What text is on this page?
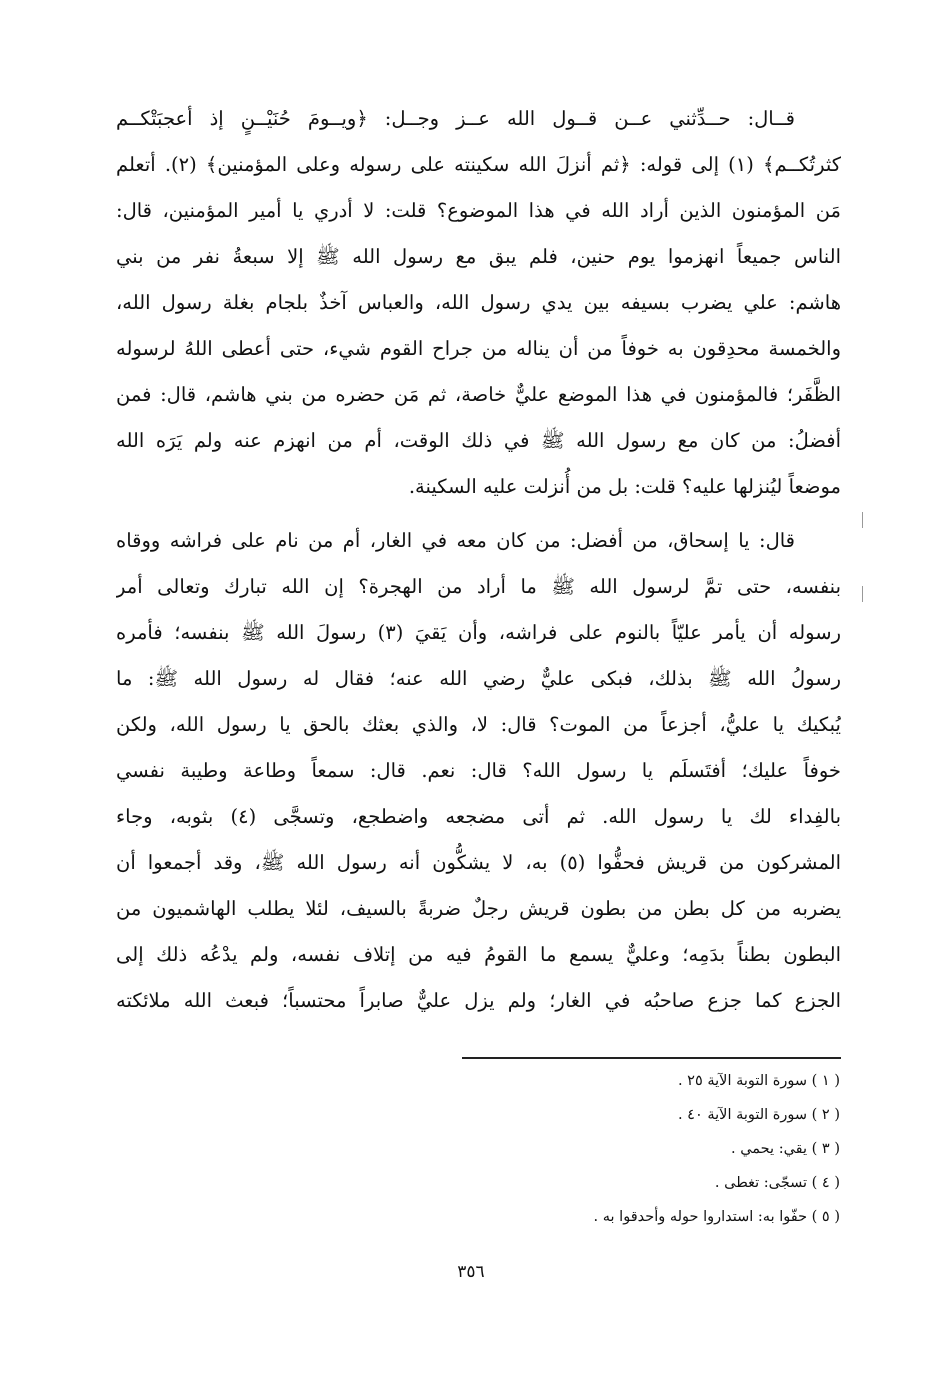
قــال: حــدِّثني عــن قــول الله عــز وجــل: ﴿ويــومَ حُنَيْــنٍ إذ أعجبَتْكــم
كثرتُكــم﴾ (١) إلى قوله: ﴿ثم أنزلَ الله سكينته على رسوله وعلى المؤمنين﴾ (٢). أتعلم
مَن المؤمنون الذين أراد الله في هذا الموضوع؟ قلت: لا أدري يا أمير المؤمنين، قال:
الناس جميعاً انهزموا يوم حنين، فلم يبق مع رسول الله ﷺ إلا سبعةُ نفر من بني
هاشم: علي يضرب بسيفه بين يدي رسول الله، والعباس آخذٌ بلجام بغلة رسول الله،
والخمسة محدِقون به خوفاً من أن يناله من جراح القوم شيء، حتى أعطى اللهُ لرسوله
الظَّفَر؛ فالمؤمنون في هذا الموضع عليٌّ خاصة، ثم مَن حضره من بني هاشم، قال: فمن
أفضلُ: من كان مع رسول الله ﷺ في ذلك الوقت، أم من انهزم عنه ولم يَرَه الله
موضعاً ليُنزلها عليه؟ قلت: بل من أُنزلت عليه السكينة.
قال: يا إسحاق، من أفضل: من كان معه في الغار، أم من نام على فراشه ووقاه
بنفسه، حتى تمَّ لرسول الله ﷺ ما أراد من الهجرة؟ إن الله تبارك وتعالى أمر
رسوله أن يأمر عليّاً بالنوم على فراشه، وأن يَقيَ (٣) رسولَ الله ﷺ بنفسه؛ فأمره
رسولُ الله ﷺ بذلك، فبكى عليٌّ رضي الله عنه؛ فقال له رسول الله ﷺ: ما
يُبكيك يا عليُّ، أجزعاً من الموت؟ قال: لا، والذي بعثك بالحق يا رسول الله، ولكن
خوفاً عليك؛ أفتَسلَم يا رسول الله؟ قال: نعم. قال: سمعاً وطاعة وطيبة نفسي
بالفِداء لك يا رسول الله. ثم أتى مضجعه واضطجع، وتسجَّى (٤) بثوبه، وجاء
المشركون من قريش فحفُّوا (٥) به، لا يشكُّون أنه رسول الله ﷺ، وقد أجمعوا أن
يضربه من كل بطن من بطون قريش رجلٌ ضربةً بالسيف، لئلا يطلب الهاشميون من
البطون بطناً بدَمِه؛ وعليٌّ يسمع ما القومُ فيه من إتلاف نفسه، ولم يدْعُه ذلك إلى
الجزع كما جزع صاحبُه في الغار؛ ولم يزل عليٌّ صابراً محتسباً؛ فبعث الله ملائكته
( ١ ) سورة التوبة الآية ٢٥ .
( ٢ ) سورة التوبة الآية ٤٠ .
( ٣ ) يقي: يحمي .
( ٤ ) تسجّى: تغطى .
( ٥ ) حفّوا به: استداروا حوله وأحدقوا به .
٣٥٦
